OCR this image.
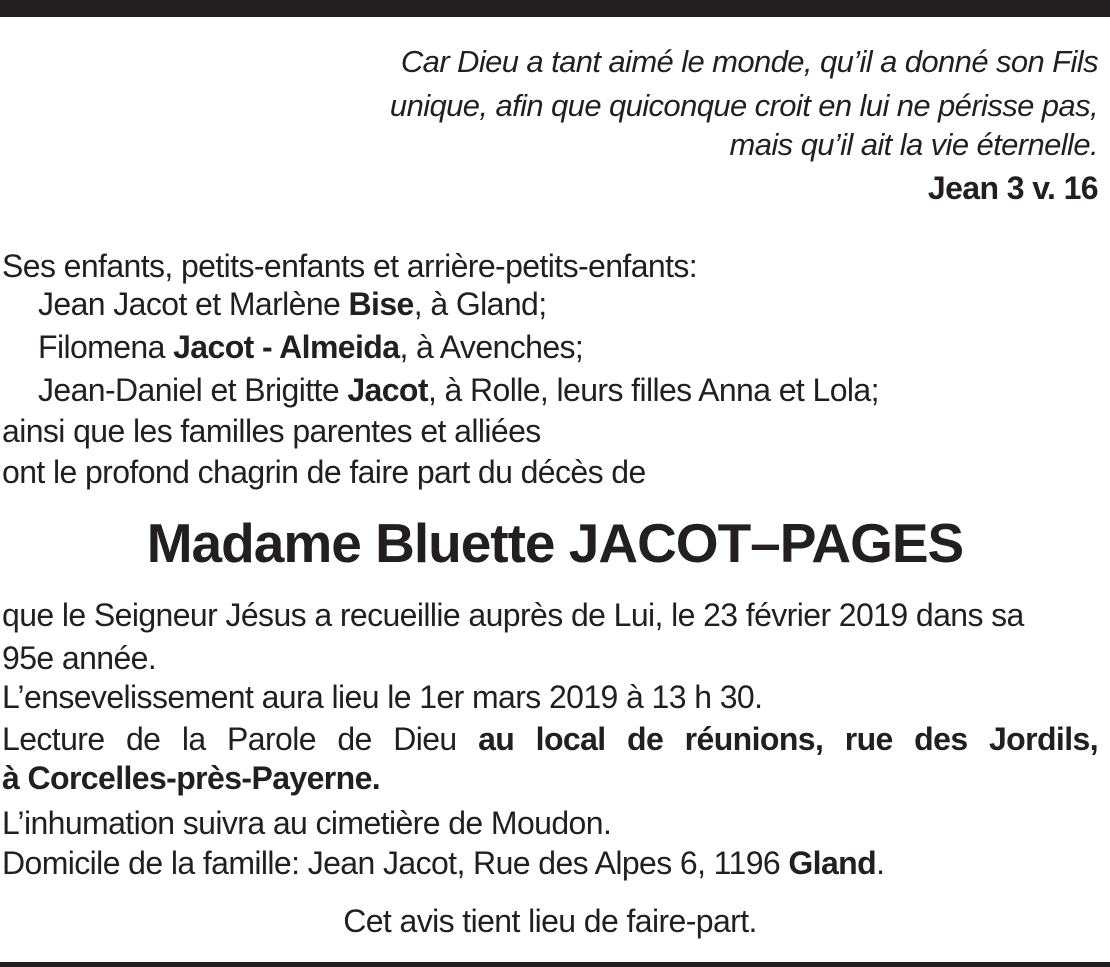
Car Dieu a tant aimé le monde, qu’il a donné son Fils
unique, afin que quiconque croit en lui ne périsse pas,
mais qu’il ait la vie éternelle.
Jean 3 v. 16
Ses enfants, petits-enfants et arrière-petits-enfants:
Jean Jacot et Marlène Bise, à Gland;
Filomena Jacot - Almeida, à Avenches;
Jean-Daniel et Brigitte Jacot, à Rolle, leurs filles Anna et Lola;
ainsi que les familles parentes et alliées
ont le profond chagrin de faire part du décès de
Madame Bluette JACOT–PAGES
que le Seigneur Jésus a recueillie auprès de Lui, le 23 février 2019 dans sa
95e année.
L’ensevelissement aura lieu le 1er mars 2019 à 13 h 30.
Lecture de la Parole de Dieu au local de réunions, rue des Jordils,
à Corcelles-près-Payerne.
L’inhumation suivra au cimetière de Moudon.
Domicile de la famille: Jean Jacot, Rue des Alpes 6, 1196 Gland.
Cet avis tient lieu de faire-part.
